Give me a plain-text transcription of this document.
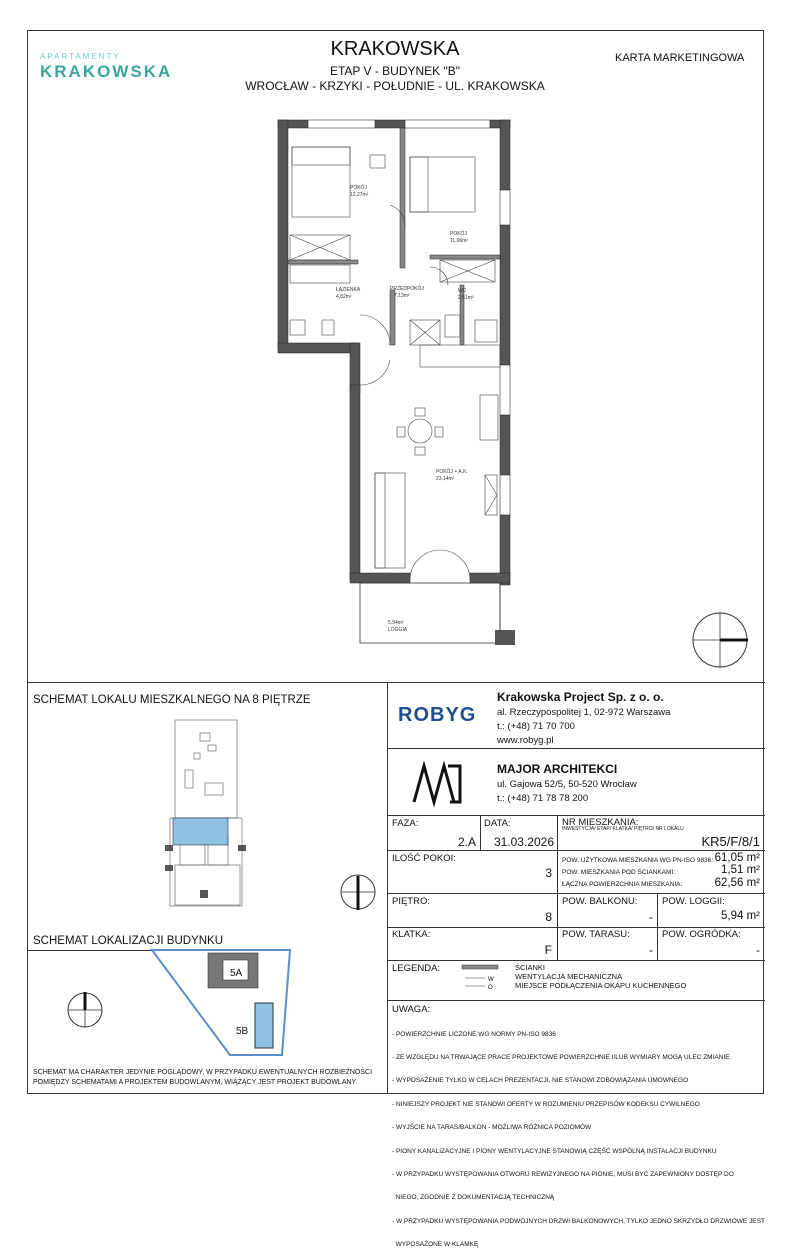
APARTAMENTY
KRAKOWSKA
KRAKOWSKA
ETAP V - BUDYNEK "B"
WROCŁAW - KRZYKI - POŁUDNIE - UL. KRAKOWSKA
KARTA MARKETINGOWA
POKÓJ
12,27m²
POKÓJ
11,06m²
ŁAZIENKA
4,82m²
PRZEDPOKÓJ
7,13m²
WC
2,51m²
POKÓJ + A.K.
23,14m²
5,94m²
LOGGIA
SCHEMAT LOKALU MIESZKALNEGO NA 8 PIĘTRZE
SCHEMAT LOKALIZACJI BUDYNKU
5A
5B
SCHEMAT MA CHARAKTER JEDYNIE POGLĄDOWY, W PRZYPADKU EWENTUALNYCH ROZBIEŻNOŚCI POMIĘDZY SCHEMATAMI A PROJEKTEM BUDOWLANYM, WIĄŻĄCY JEST PROJEKT BUDOWLANY.
ROBYG
Krakowska Project Sp. z o. o.
al. Rzeczypospolitej 1, 02-972 Warszawa
t.: (+48) 71 70 700
www.robyg.pl
MAJOR ARCHITEKCI
ul. Gajowa 52/5, 50-520 Wrocław
t.: (+48) 71 78 78 200
FAZA:
2.A
DATA:
31.03.2026
NR MIESZKANIA:
INWESTYCJA/ ETAP/ KLATKA/ PIĘTRO/ NR LOKALU
KR5/F/8/1
ILOŚĆ POKOI:
3
POW. UŻYTKOWA MIESZKANIA WG PN-ISO 9836: 61,05 m²
POW. MIESZKANIA POD ŚCIANKAMI:	1,51 m²
ŁĄCZNA POWIERZCHNIA MIESZKANIA:	62,56 m²
PIĘTRO:
8
POW. BALKONU:
-
POW. LOGGII:
5,94 m²
KLATKA:
F
POW. TARASU:
-
POW. OGRÓDKA:
-
LEGENDA:
W
O
ŚCIANKI
WENTYLACJA MECHANICZNA
MIEJSCE PODŁĄCZENIA OKAPU KUCHENNEGO
UWAGA:

- POWIERZCHNIE LICZONE WG NORMY PN-ISO 9836

- ZE WZGLĘDU NA TRWAJĄCE PRACE PROJEKTOWE POWIERZCHNIE I/LUB WYMIARY MOGĄ ULEC ZMIANIE

- WYPOSAŻENIE TYLKO W CELACH PREZENTACJI, NIE STANOWI ZOBOWIĄZANIA UMOWNEGO

- NINIEJSZY PROJEKT NIE STANOWI OFERTY W ROZUMIENIU PRZEPISÓW KODEKSU CYWILNEGO

- WYJŚCIE NA TARAS/BALKON - MOŻLIWA RÓŻNICA POZIOMÓW

- PIONY KANALIZACYJNE I PIONY WENTYLACYJNE STANOWIĄ CZĘŚĆ WSPÓLNĄ INSTALACJI BUDYNKU

- W PRZYPADKU WYSTĘPOWANIA OTWORU REWIZYJNEGO NA PIONIE, MUSI BYĆ ZAPEWNIONY DOSTĘP DO

NIEGO, ZGODNIE Z DOKUMENTACJĄ TECHNICZNĄ

- W PRZYPADKU WYSTĘPOWANIA PODWÓJNYCH DRZWI BALKONOWYCH, TYLKO JEDNO SKRZYDŁO DRZWIOWE JEST

WYPOSAŻONE W KLAMKĘ
